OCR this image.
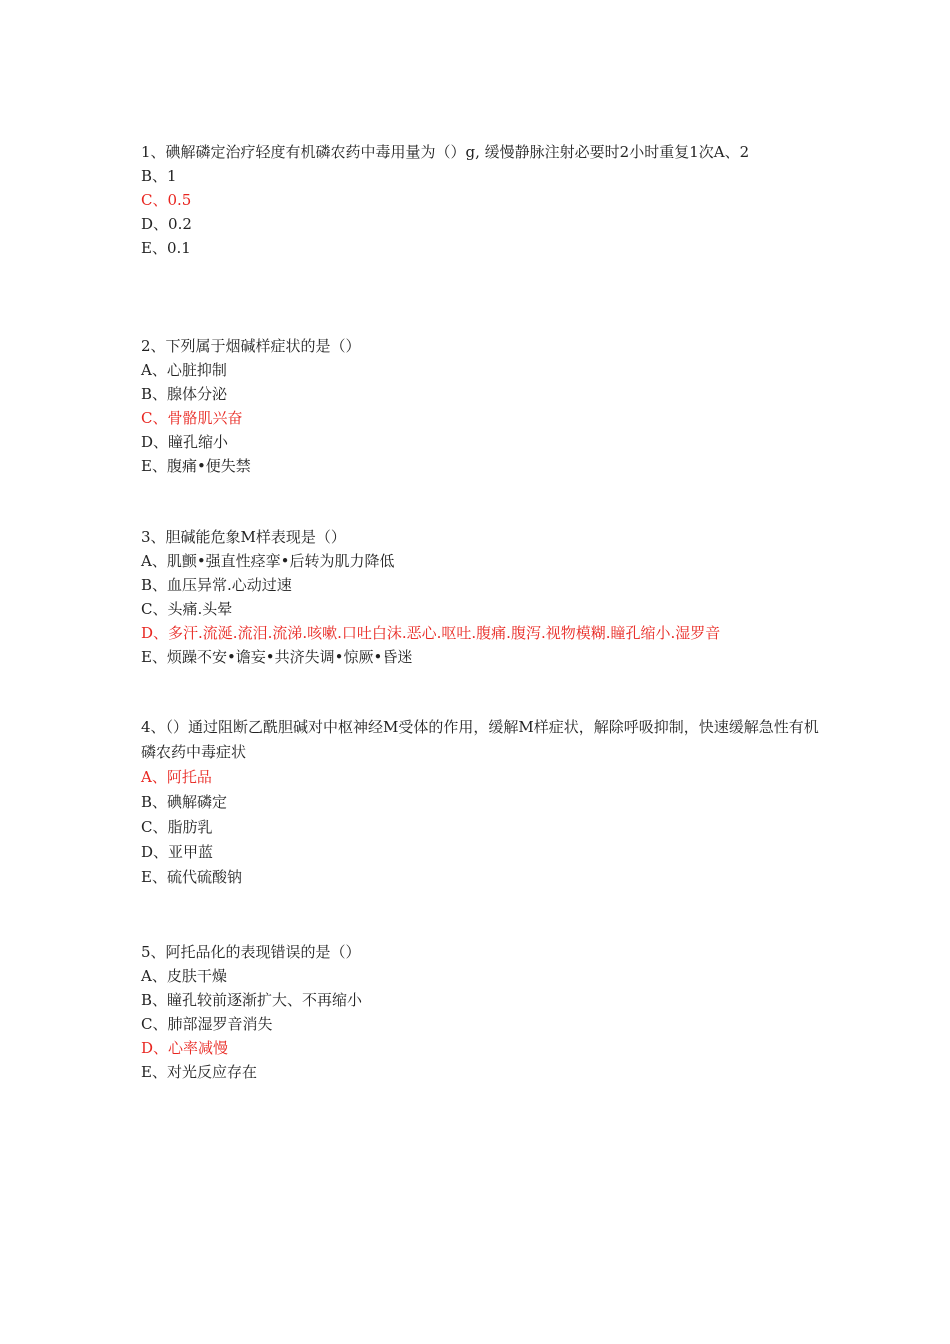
1、碘解磷定治疗轻度有机磷农药中毒用量为（）g, 缓慢静脉注射必要时2小时重复1次A、2

B、1

C、0.5

D、0.2

E、0.1

2、下列属于烟碱样症状的是（）

A、心脏抑制

B、腺体分泌

C、骨骼肌兴奋

D、瞳孔缩小

E、腹痛•便失禁

3、胆碱能危象M样表现是（）

A、肌颤•强直性痉挛•后转为肌力降低

B、血压异常.心动过速

C、头痛.头晕

D、多汗.流涎.流泪.流涕.咳嗽.口吐白沫.恶心.呕吐.腹痛.腹泻.视物模糊.瞳孔缩小.湿罗音

E、烦躁不安•谵妄•共济失调•惊厥•昏迷

4、（）通过阻断乙酰胆碱对中枢神经M受体的作用，缓解M样症状，解除呼吸抑制，快速缓解急性有机磷农药中毒症状

A、阿托品

B、碘解磷定

C、脂肪乳

D、亚甲蓝

E、硫代硫酸钠

5、阿托品化的表现错误的是（）

A、皮肤干燥

B、瞳孔较前逐渐扩大、不再缩小

C、肺部湿罗音消失

D、心率减慢

E、对光反应存在
